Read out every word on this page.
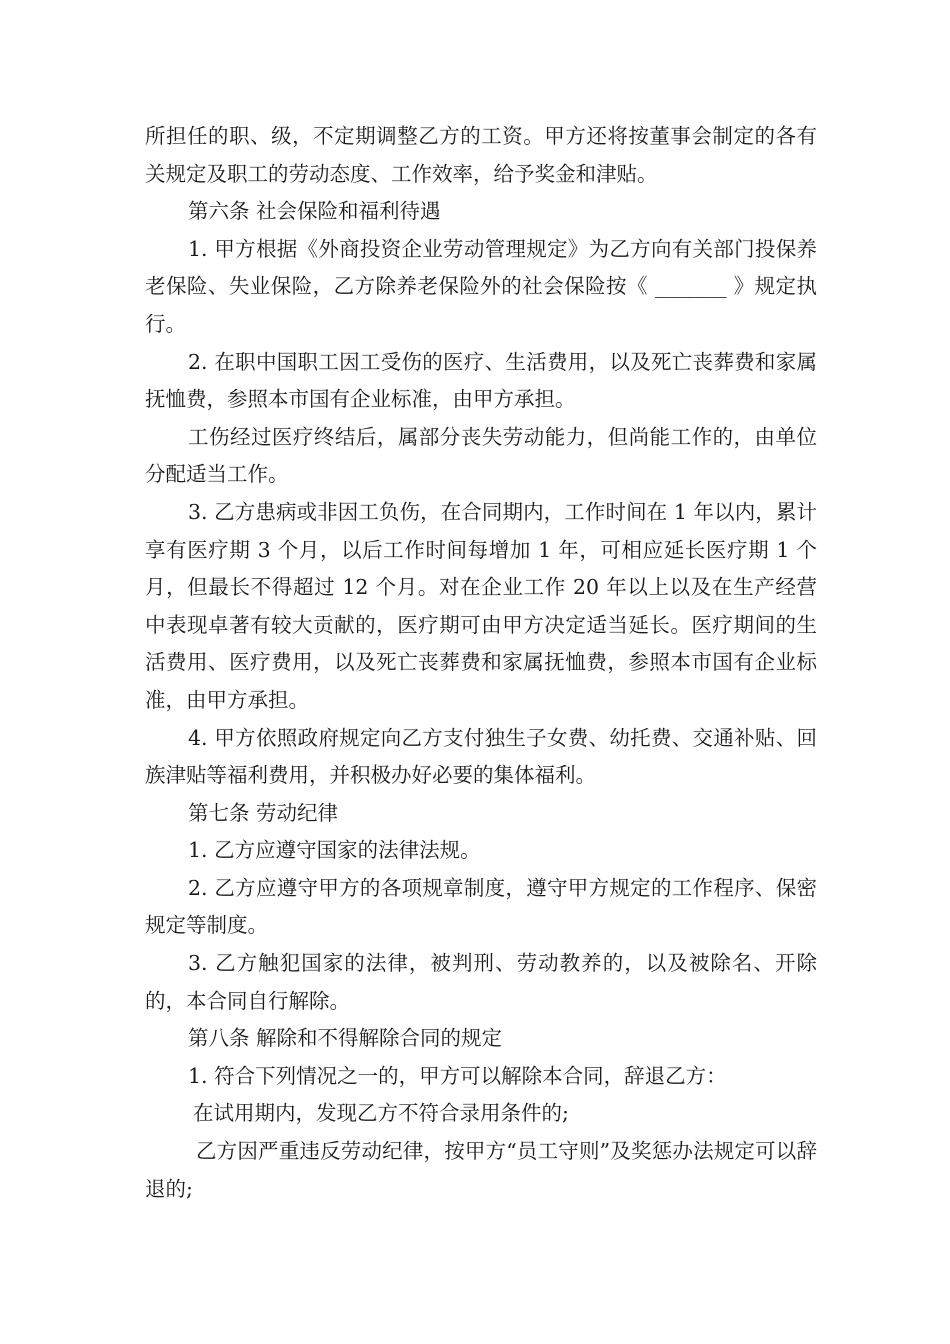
所担任的职、级，不定期调整乙方的工资。甲方还将按董事会制定的各有关规定及职工的劳动态度、工作效率，给予奖金和津贴。

第六条 社会保险和福利待遇

1. 甲方根据《外商投资企业劳动管理规定》为乙方向有关部门投保养老保险、失业保险，乙方除养老保险外的社会保险按《 _______ 》规定执行。

2. 在职中国职工因工受伤的医疗、生活费用，以及死亡丧葬费和家属抚恤费，参照本市国有企业标准，由甲方承担。

工伤经过医疗终结后，属部分丧失劳动能力，但尚能工作的，由单位分配适当工作。

3. 乙方患病或非因工负伤，在合同期内，工作时间在 1 年以内，累计享有医疗期 3 个月，以后工作时间每增加 1 年，可相应延长医疗期 1 个月，但最长不得超过 12 个月。对在企业工作 20 年以上以及在生产经营中表现卓著有较大贡献的，医疗期可由甲方决定适当延长。医疗期间的生活费用、医疗费用，以及死亡丧葬费和家属抚恤费，参照本市国有企业标准，由甲方承担。

4. 甲方依照政府规定向乙方支付独生子女费、幼托费、交通补贴、回族津贴等福利费用，并积极办好必要的集体福利。

第七条 劳动纪律

1. 乙方应遵守国家的法律法规。

2. 乙方应遵守甲方的各项规章制度，遵守甲方规定的工作程序、保密规定等制度。

3. 乙方触犯国家的法律，被判刑、劳动教养的，以及被除名、开除的，本合同自行解除。

第八条 解除和不得解除合同的规定

1. 符合下列情况之一的，甲方可以解除本合同，辞退乙方：

在试用期内，发现乙方不符合录用条件的;

乙方因严重违反劳动纪律，按甲方“员工守则”及奖惩办法规定可以辞退的;
